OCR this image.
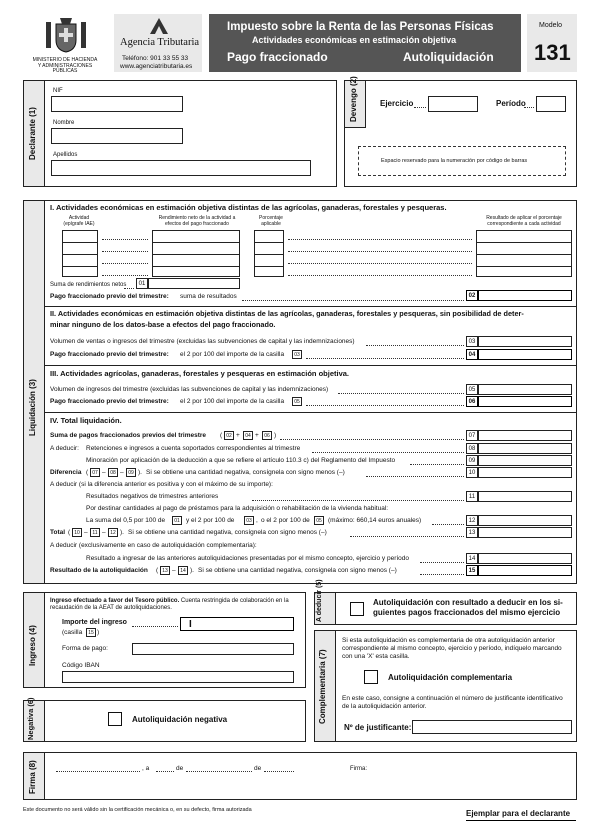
MINISTERIO DE HACIENDA Y ADMINISTRACIONES PÚBLICAS
Agencia Tributaria
Teléfono: 901 33 55 33
www.agenciatributaria.es
Impuesto sobre la Renta de las Personas Físicas
Actividades económicas en estimación objetiva
Pago fraccionado	Autoliquidación
Modelo
131
Declarante (1)
NIF
Nombre
Apellidos
Devengo (2)	Ejercicio	Período
Espacio reservado para la numeración por código de barras
Liquidación (3)
I. Actividades económicas en estimación objetiva distintas de las agrícolas, ganaderas, forestales y pesqueras.
Actividad (epígrafe IAE)
Rendimiento neto de la actividad a efectos del pago fraccionado
Porcentaje aplicable
Resultado de aplicar el porcentaje correspondiente a cada actividad
Suma de rendimientos netos	01
Pago fraccionado previo del trimestre: suma de resultados	02
II. Actividades económicas en estimación objetiva distintas de las agrícolas, ganaderas, forestales y pesqueras, sin posibilidad de deter-
minar ninguno de los datos-base a efectos del pago fraccionado.
Volumen de ventas o ingresos del trimestre (excluidas las subvenciones de capital y las indemnizaciones)	03
Pago fraccionado previo del trimestre: el 2 por 100 del importe de la casilla	03	04
III. Actividades agrícolas, ganaderas, forestales y pesqueras en estimación objetiva.
Volumen de ingresos del trimestre (excluidas las subvenciones de capital y las indemnizaciones)	05
Pago fraccionado previo del trimestre: el 2 por 100 del importe de la casilla	05	06
IV. Total liquidación.
Suma de pagos fraccionados previos del trimestre ( 02 +	04 +	06 )	07
A deducir: Retenciones e ingresos a cuenta soportados correspondientes al trimestre	08
Minoración por aplicación de la deducción a que se refiere el artículo 110.3 c) del Reglamento del Impuesto	09
Diferencia ( 07 – 08 – 09 ). Si se obtiene una cantidad negativa, consígnela con signo menos (–)	10
A deducir (si la diferencia anterior es positiva y con el máximo de su importe):
Resultados negativos de trimestres anteriores	11
Por destinar cantidades al pago de préstamos para la adquisición o rehabilitación de la vivienda habitual:
La suma del 0,5 por 100 de	01 y el 2 por 100 de	03 , o el 2 por 100 de	05 (máximo: 660,14 euros anuales)	12
Total ( 10 – 11 – 12 ). Si se obtiene una cantidad negativa, consígnela con signo menos (–)	13
A deducir (exclusivamente en caso de autoliquidación complementaria):
Resultado a ingresar de las anteriores autoliquidaciones presentadas por el mismo concepto, ejercicio y período	14
Resultado de la autoliquidación ( 13 – 14 ). Si se obtiene una cantidad negativa, consígnela con signo menos (–)	15
Ingreso (4)
Ingreso efectuado a favor del Tesoro público. Cuenta restringida de colaboración en la recaudación de la AEAT de autoliquidaciones.
Importe del ingreso
(casilla	15 )
I
Forma de pago:
Código IBAN
A deducir (5)	Autoliquidación con resultado a deducir en los si-
guientes pagos fraccionados del mismo ejercicio
Complementaria (7)
Si esta autoliquidación es complementaria de otra autoliquidación anterior
correspondiente al mismo concepto, ejercicio y período, indíquelo marcando
con una 'X' esta casilla.
Autoliquidación complementaria
En este caso, consigne a continuación el número de justificante identificativo
de la autoliquidación anterior.
Nº de justificante:
Negativa (6)	Autoliquidación negativa
Firma (8)	, a	de	de	Firma:
Este documento no será válido sin la certificación mecánica o, en su defecto, firma autorizada	Ejemplar para el declarante
